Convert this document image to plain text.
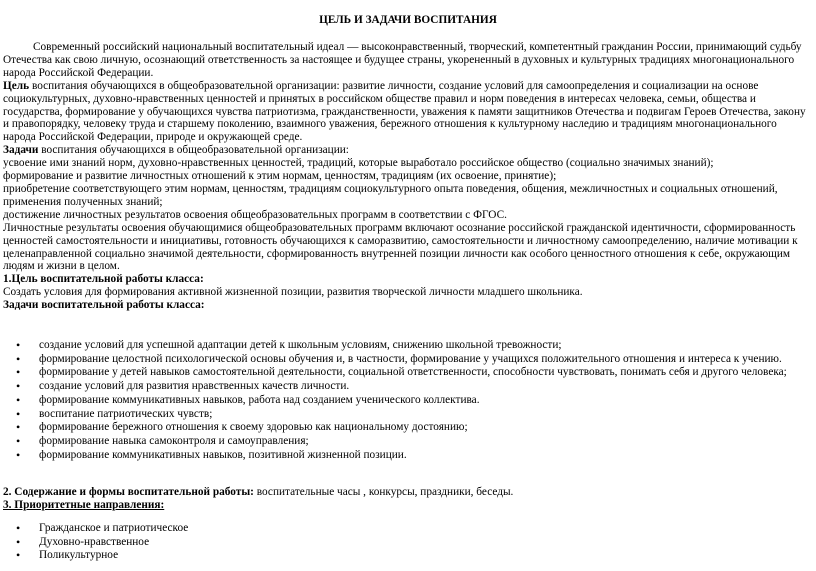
ЦЕЛЬ И ЗАДАЧИ ВОСПИТАНИЯ

Современный российский национальный воспитательный идеал — высоконравственный, творческий, компетентный гражданин России, принимающий судьбу Отечества как свою личную, осознающий ответственность за настоящее и будущее страны, укорененный в духовных и культурных традициях многонационального народа Российской Федерации.

Цель воспитания обучающихся в общеобразовательной организации: развитие личности, создание условий для самоопределения и социализации на основе социокультурных, духовно-нравственных ценностей и принятых в российском обществе правил и норм поведения в интересах человека, семьи, общества и государства, формирование у обучающихся чувства патриотизма, гражданственности, уважения к памяти защитников Отечества и подвигам Героев Отечества, закону и правопорядку, человеку труда и старшему поколению, взаимного уважения, бережного отношения к культурному наследию и традициям многонационального народа Российской Федерации, природе и окружающей среде.

Задачи воспитания обучающихся в общеобразовательной организации:

усвоение ими знаний норм, духовно-нравственных ценностей, традиций, которые выработало российское общество (социально значимых знаний);

формирование и развитие личностных отношений к этим нормам, ценностям, традициям (их освоение, принятие);

приобретение соответствующего этим нормам, ценностям, традициям социокультурного опыта поведения, общения, межличностных и социальных отношений, применения полученных знаний;

достижение личностных результатов освоения общеобразовательных программ в соответствии с ФГОС.

Личностные результаты освоения обучающимися общеобразовательных программ включают осознание российской гражданской идентичности, сформированность ценностей самостоятельности и инициативы, готовность обучающихся к саморазвитию, самостоятельности и личностному самоопределению, наличие мотивации к целенаправленной социально значимой деятельности, сформированность внутренней позиции личности как особого ценностного отношения к себе, окружающим людям и жизни в целом.

1.Цель воспитательной работы класса:

Создать условия для формирования активной жизненной позиции, развития творческой личности младшего школьника.

Задачи воспитательной работы класса:

• создание условий для успешной адаптации детей к школьным условиям, снижению школьной тревожности;
• формирование целостной психологической основы обучения и, в частности, формирование у учащихся положительного отношения и интереса к учению.
• формирование у детей навыков самостоятельной деятельности, социальной ответственности, способности чувствовать, понимать себя и другого человека;
• создание условий для развития нравственных качеств личности.
• формирование коммуникативных навыков, работа над созданием ученического коллектива.
• воспитание патриотических чувств;
• формирование бережного отношения к своему здоровью как национальному достоянию;
• формирование навыка самоконтроля и самоуправления;
• формирование коммуникативных навыков, позитивной жизненной позиции.

2. Содержание и формы воспитательной работы: воспитательные часы , конкурсы, праздники, беседы.

3. Приоритетные направления:

• Гражданское и патриотическое
• Духовно-нравственное
• Поликультурное
